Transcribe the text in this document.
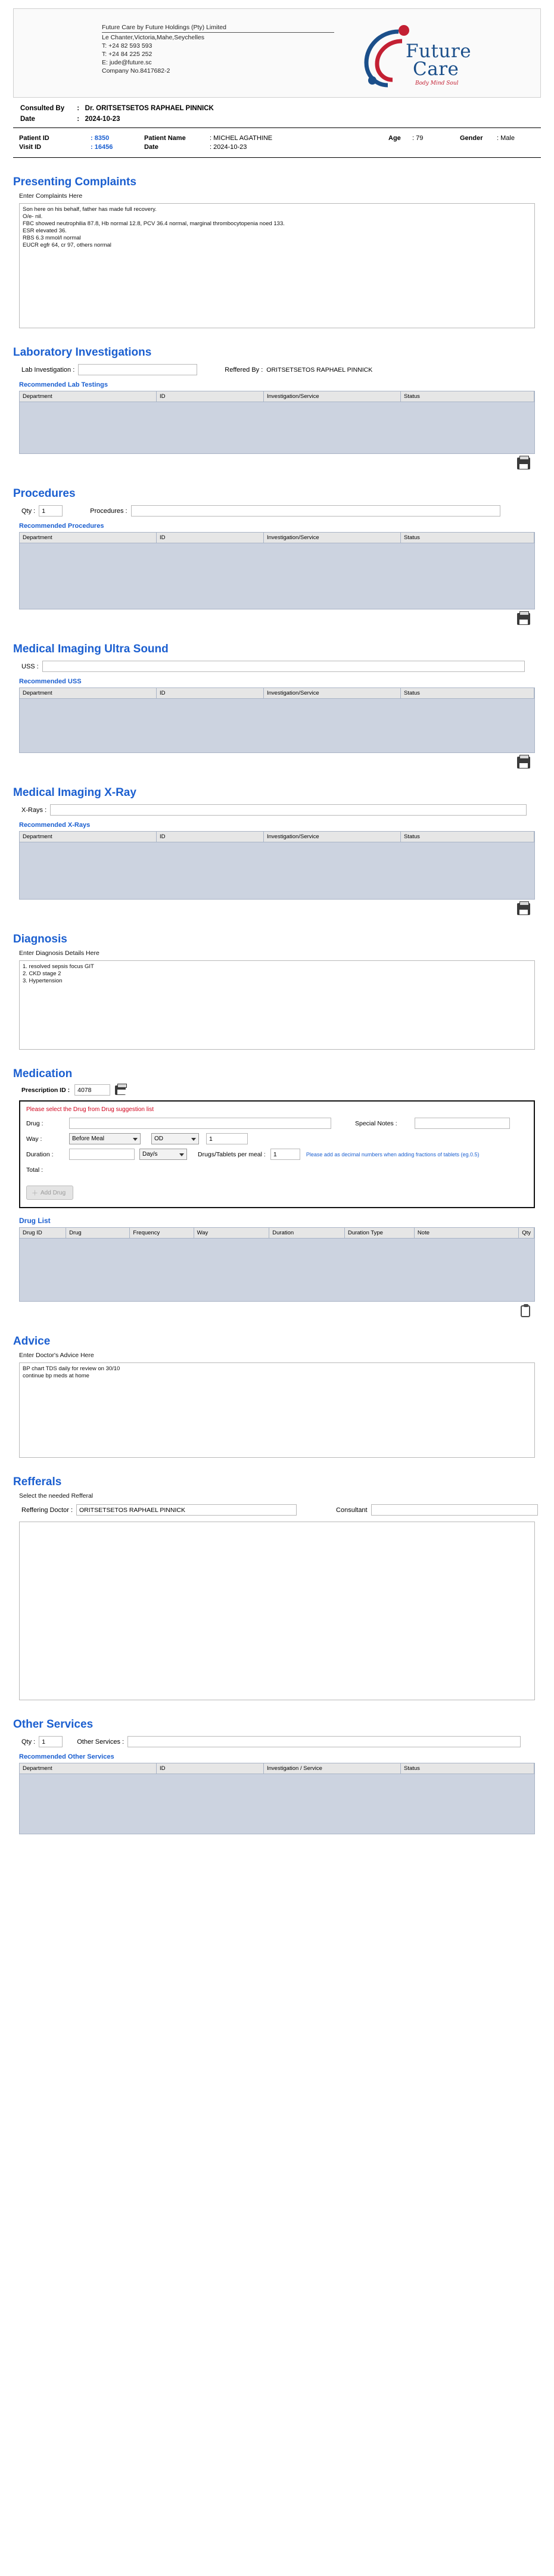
Future Care by Future Holdings (Pty) Limited
Le Chanter,Victoria,Mahe,Seychelles
T: +24 82 593 593
T: +24 84 225 252
E: jude@future.sc
Company No.8417682-2
Future
Care
Body Mind Soul
Consulted By :   Dr. ORITSETSETOS RAPHAEL PINNICK
Date	:   2024-10-23
Patient ID	: 8350	Patient Name	: MICHEL AGATHINE	Age	: 79	Gender	: Male
Visit ID	: 16456	Date	: 2024-10-23
Presenting Complaints
Enter Complaints Here
Son here on his behalf, father has made full recovery. O/e- nil. FBC showed neutrophilia 87.8, Hb normal 12.8, PCV 36.4 normal, marginal thrombocytopenia noed 133. ESR elevated 36. RBS 6.3 mmol/l normal EUCR egfr 64, cr 97, others normal
Laboratory Investigations
Lab Investigation :	Reffered By : ORITSETSETOS RAPHAEL PINNICK
Recommended Lab Testings
Department	ID	Investigation/Service	Status
Procedures
Qty :
1	Procedures :
Recommended Procedures
Department	ID	Investigation/Service	Status
Medical Imaging Ultra Sound
USS :
Recommended USS
Department	ID	Investigation/Service	Status
Medical Imaging X-Ray
X-Rays :
Recommended X-Rays
Department	ID	Investigation/Service	Status
Diagnosis
Enter Diagnosis Details Here
1. resolved sepsis focus GIT 2. CKD stage 2 3. Hypertension
Medication
Prescription ID :
4078
Please select the Drug from Drug suggestion list
Drug :	Special Notes :
Way :
Before Meal
OD
1
Duration :
Day/s	Drugs/Tablets per meal :
1	Please add as decimal numbers when adding fractions of tablets (eg.0.5)
Total :
＋ Add Drug
Drug List
Drug ID	Drug	Frequency	Way	Duration	Duration Type	Note	Qty
Advice
Enter Doctor's Advice Here
BP chart TDS daily for review on 30/10 continue bp meds at home
Refferals
Select the needed Refferal
Reffering Doctor :
ORITSETSETOS RAPHAEL PINNICK	Consultant
Other Services
Qty :
1	Other Services :
Recommended Other Services
Department	ID	Investigation / Service	Status
